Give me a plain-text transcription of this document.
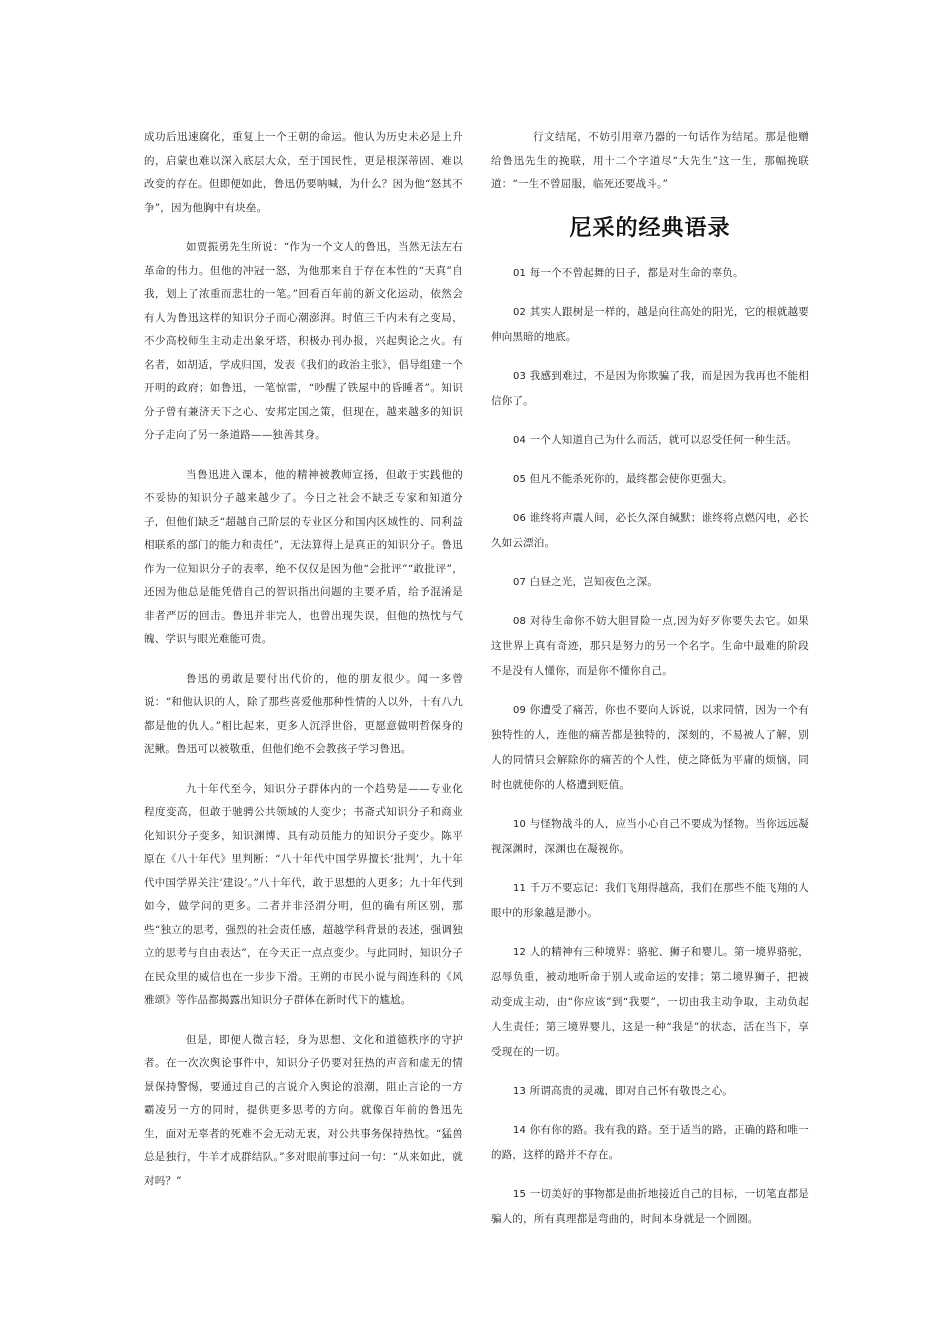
成功后迅速腐化，重复上一个王朝的命运。他认为历史未必是上升的，启蒙也难以深入底层大众，至于国民性，更是根深蒂固、难以改变的存在。但即便如此，鲁迅仍要呐喊，为什么？因为他“怒其不争”，因为他胸中有块垒。

如贾振勇先生所说：“作为一个文人的鲁迅，当然无法左右革命的伟力。但他的冲冠一怒，为他那来自于存在本性的“天真”自我，划上了浓重而悲壮的一笔。”回看百年前的新文化运动，依然会有人为鲁迅这样的知识分子而心潮澎湃。时值三千内未有之变局，不少高校师生主动走出象牙塔，积极办刊办报，兴起舆论之火。有名者，如胡适，学成归国，发表《我们的政治主张》，倡导组建一个开明的政府；如鲁迅，一笔惊雷，“吵醒了铁屋中的昏睡者”。知识分子曾有兼济天下之心、安邦定国之策，但现在，越来越多的知识分子走向了另一条道路——独善其身。

当鲁迅进入课本，他的精神被教师宣扬，但敢于实践他的不妥协的知识分子越来越少了。今日之社会不缺乏专家和知道分子，但他们缺乏“超越自己阶层的专业区分和国内区域性的、同利益相联系的部门的能力和责任”，无法算得上是真正的知识分子。鲁迅作为一位知识分子的表率，绝不仅仅是因为他“会批评”“敢批评”，还因为他总是能凭借自己的智识指出问题的主要矛盾，给予混淆是非者严厉的回击。鲁迅并非完人，也曾出现失误，但他的热忱与气魄、学识与眼光难能可贵。

鲁迅的勇敢是要付出代价的，他的朋友很少。闻一多曾说：“和他认识的人，除了那些喜爱他那种性情的人以外，十有八九都是他的仇人。”相比起来，更多人沉浮世俗，更愿意做明哲保身的泥鳅。鲁迅可以被敬重，但他们绝不会教孩子学习鲁迅。

九十年代至今，知识分子群体内的一个趋势是——专业化程度变高，但敢于驰骋公共领域的人变少；书斋式知识分子和商业化知识分子变多，知识渊博、具有动员能力的知识分子变少。陈平原在《八十年代》里判断：“八十年代中国学界擅长‘批判’，九十年代中国学界关注‘建设’。”八十年代，敢于思想的人更多；九十年代到如今，做学问的更多。二者并非泾渭分明，但的确有所区别，那些“独立的思考，强烈的社会责任感，超越学科背景的表述，强调独立的思考与自由表达”，在今天正一点点变少。与此同时，知识分子在民众里的威信也在一步步下滑。王朔的市民小说与阎连科的《风雅颂》等作品都揭露出知识分子群体在新时代下的尴尬。

但是，即便人微言轻，身为思想、文化和道德秩序的守护者。在一次次舆论事件中，知识分子仍要对狂热的声音和虚无的情景保持警惕，要通过自己的言说介入舆论的浪潮，阻止言论的一方霸凌另一方的同时，提供更多思考的方向。就像百年前的鲁迅先生，面对无辜者的死难不会无动无衷，对公共事务保持热忱。“猛兽总是独行，牛羊才成群结队。”多对眼前事过问一句：“从来如此，就对吗？”

行文结尾，不妨引用章乃器的一句话作为结尾。那是他赠给鲁迅先生的挽联，用十二个字道尽“大先生”这一生，那幅挽联道：“一生不曾屈服，临死还要战斗。”

尼采的经典语录

01 每一个不曾起舞的日子，都是对生命的辜负。

02 其实人跟树是一样的，越是向往高处的阳光，它的根就越要伸向黑暗的地底。

03 我感到难过，不是因为你欺骗了我，而是因为我再也不能相信你了。

04 一个人知道自己为什么而活，就可以忍受任何一种生活。

05 但凡不能杀死你的，最终都会使你更强大。

06 谁终将声震人间，必长久深自缄默；谁终将点燃闪电，必长久如云漂泊。

07 白昼之光，岂知夜色之深。

08 对待生命你不妨大胆冒险一点,因为好歹你要失去它。如果这世界上真有奇迹，那只是努力的另一个名字。生命中最难的阶段不是没有人懂你，而是你不懂你自己。

09 你遭受了痛苦，你也不要向人诉说，以求同情，因为一个有独特性的人，连他的痛苦都是独特的，深刻的，不易被人了解，别人的同情只会解除你的痛苦的个人性，使之降低为平庸的烦恼，同时也就使你的人格遭到贬值。

10 与怪物战斗的人，应当小心自己不要成为怪物。当你远远凝视深渊时，深渊也在凝视你。

11 千万不要忘记：我们飞翔得越高，我们在那些不能飞翔的人眼中的形象越是渺小。

12 人的精神有三种境界：骆驼、狮子和婴儿。第一境界骆驼，忍辱负重，被动地听命于别人或命运的安排；第二境界狮子，把被动变成主动，由“你应该”到“我要”，一切由我主动争取，主动负起人生责任；第三境界婴儿，这是一种“我是”的状态，活在当下，享受现在的一切。

13 所谓高贵的灵魂，即对自己怀有敬畏之心。

14 你有你的路。我有我的路。至于适当的路，正确的路和唯一的路，这样的路并不存在。

15 一切美好的事物都是曲折地接近自己的目标，一切笔直都是骗人的，所有真理都是弯曲的，时间本身就是一个圆圈。
